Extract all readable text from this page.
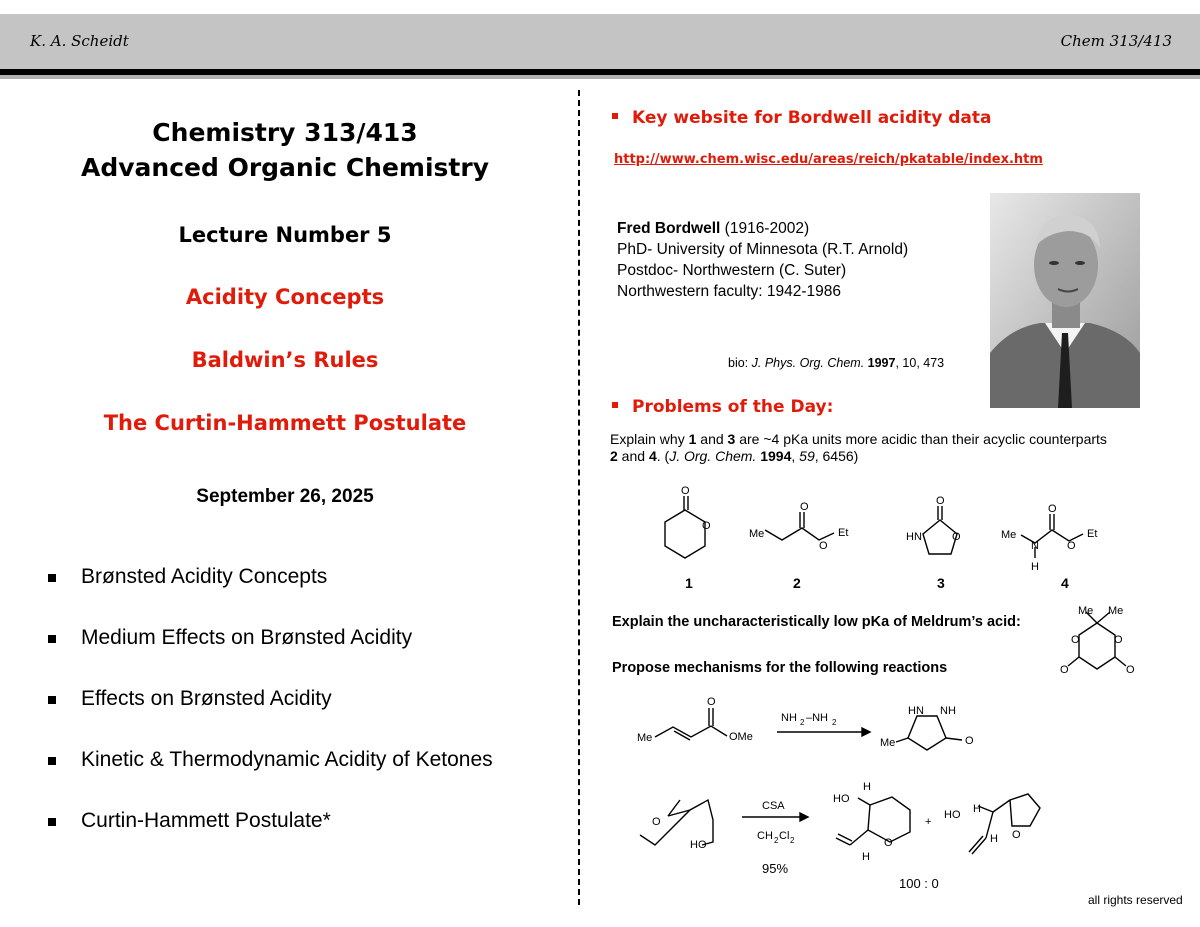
K. A. Scheidt	Chem 313/413
Chemistry 313/413
Advanced Organic Chemistry
Lecture Number 5
Acidity Concepts
Baldwin’s Rules
The Curtin-Hammett Postulate
September 26, 2025
Brønsted Acidity Concepts
Medium Effects on Brønsted Acidity
Effects on Brønsted Acidity
Kinetic & Thermodynamic Acidity of Ketones
Curtin-Hammett Postulate*
Key website for Bordwell acidity data
http://www.chem.wisc.edu/areas/reich/pkatable/index.htm
Fred Bordwell (1916-2002)
PhD- University of Minnesota (R.T. Arnold)
Postdoc- Northwestern (C. Suter)
Northwestern faculty: 1942-1986
bio: J. Phys. Org. Chem. 1997, 10, 473
Problems of the Day:
Explain why 1 and 3 are ~4 pKa units more acidic than their acyclic counterparts 2 and 4. (J. Org. Chem. 1994, 59, 6456)
1	2	3	4
Explain the uncharacteristically low pKa of Meldrum’s acid:
Propose mechanisms for the following reactions
O
O
Me
O
O
Et
O
O
HN	Me
N
H
O
O
Et
Me Me
O	O
O	O
Me
O
OMe
HN NH
Me	O
NH 2 –NH 2
O
HO
CSA
CH 2 Cl 2
HO
H
H
O
+
HO H
H O
95%
100 : 0
all rights reserved
